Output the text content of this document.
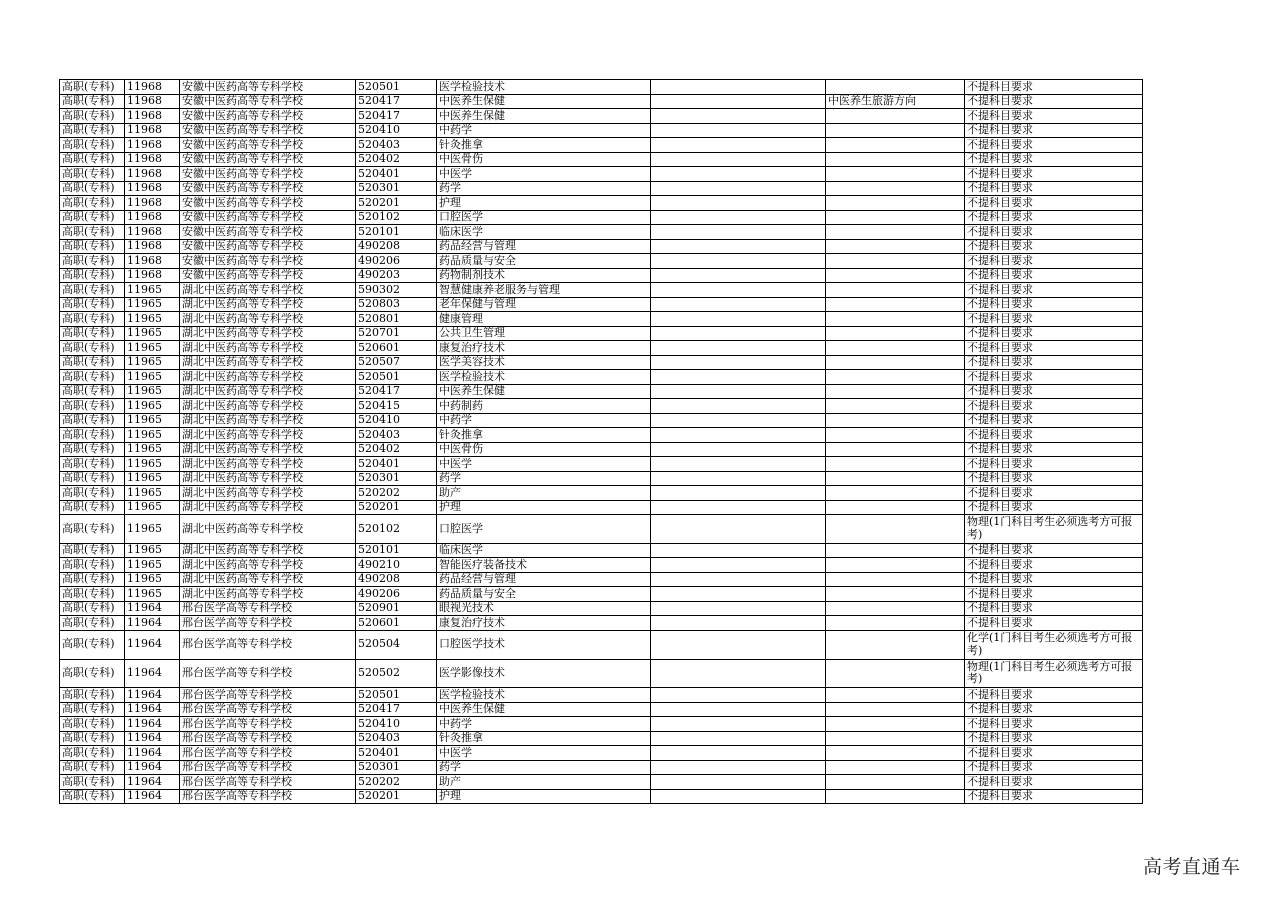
高职(专科)	11968	安徽中医药高等专科学校	520501	医学检验技术			不提科目要求
高职(专科)	11968	安徽中医药高等专科学校	520417	中医养生保健		中医养生旅游方向	不提科目要求
高职(专科)	11968	安徽中医药高等专科学校	520417	中医养生保健			不提科目要求
高职(专科)	11968	安徽中医药高等专科学校	520410	中药学			不提科目要求
高职(专科)	11968	安徽中医药高等专科学校	520403	针灸推拿			不提科目要求
高职(专科)	11968	安徽中医药高等专科学校	520402	中医骨伤			不提科目要求
高职(专科)	11968	安徽中医药高等专科学校	520401	中医学			不提科目要求
高职(专科)	11968	安徽中医药高等专科学校	520301	药学			不提科目要求
高职(专科)	11968	安徽中医药高等专科学校	520201	护理			不提科目要求
高职(专科)	11968	安徽中医药高等专科学校	520102	口腔医学			不提科目要求
高职(专科)	11968	安徽中医药高等专科学校	520101	临床医学			不提科目要求
高职(专科)	11968	安徽中医药高等专科学校	490208	药品经营与管理			不提科目要求
高职(专科)	11968	安徽中医药高等专科学校	490206	药品质量与安全			不提科目要求
高职(专科)	11968	安徽中医药高等专科学校	490203	药物制剂技术			不提科目要求
高职(专科)	11965	湖北中医药高等专科学校	590302	智慧健康养老服务与管理			不提科目要求
高职(专科)	11965	湖北中医药高等专科学校	520803	老年保健与管理			不提科目要求
高职(专科)	11965	湖北中医药高等专科学校	520801	健康管理			不提科目要求
高职(专科)	11965	湖北中医药高等专科学校	520701	公共卫生管理			不提科目要求
高职(专科)	11965	湖北中医药高等专科学校	520601	康复治疗技术			不提科目要求
高职(专科)	11965	湖北中医药高等专科学校	520507	医学美容技术			不提科目要求
高职(专科)	11965	湖北中医药高等专科学校	520501	医学检验技术			不提科目要求
高职(专科)	11965	湖北中医药高等专科学校	520417	中医养生保健			不提科目要求
高职(专科)	11965	湖北中医药高等专科学校	520415	中药制药			不提科目要求
高职(专科)	11965	湖北中医药高等专科学校	520410	中药学			不提科目要求
高职(专科)	11965	湖北中医药高等专科学校	520403	针灸推拿			不提科目要求
高职(专科)	11965	湖北中医药高等专科学校	520402	中医骨伤			不提科目要求
高职(专科)	11965	湖北中医药高等专科学校	520401	中医学			不提科目要求
高职(专科)	11965	湖北中医药高等专科学校	520301	药学			不提科目要求
高职(专科)	11965	湖北中医药高等专科学校	520202	助产			不提科目要求
高职(专科)	11965	湖北中医药高等专科学校	520201	护理			不提科目要求
高职(专科)	11965	湖北中医药高等专科学校	520102	口腔医学			物理(1门科目考生必须选考方可报考)
高职(专科)	11965	湖北中医药高等专科学校	520101	临床医学			不提科目要求
高职(专科)	11965	湖北中医药高等专科学校	490210	智能医疗装备技术			不提科目要求
高职(专科)	11965	湖北中医药高等专科学校	490208	药品经营与管理			不提科目要求
高职(专科)	11965	湖北中医药高等专科学校	490206	药品质量与安全			不提科目要求
高职(专科)	11964	邢台医学高等专科学校	520901	眼视光技术			不提科目要求
高职(专科)	11964	邢台医学高等专科学校	520601	康复治疗技术			不提科目要求
高职(专科)	11964	邢台医学高等专科学校	520504	口腔医学技术			化学(1门科目考生必须选考方可报考)
高职(专科)	11964	邢台医学高等专科学校	520502	医学影像技术			物理(1门科目考生必须选考方可报考)
高职(专科)	11964	邢台医学高等专科学校	520501	医学检验技术			不提科目要求
高职(专科)	11964	邢台医学高等专科学校	520417	中医养生保健			不提科目要求
高职(专科)	11964	邢台医学高等专科学校	520410	中药学			不提科目要求
高职(专科)	11964	邢台医学高等专科学校	520403	针灸推拿			不提科目要求
高职(专科)	11964	邢台医学高等专科学校	520401	中医学			不提科目要求
高职(专科)	11964	邢台医学高等专科学校	520301	药学			不提科目要求
高职(专科)	11964	邢台医学高等专科学校	520202	助产			不提科目要求
高职(专科)	11964	邢台医学高等专科学校	520201	护理			不提科目要求
高考直通车
